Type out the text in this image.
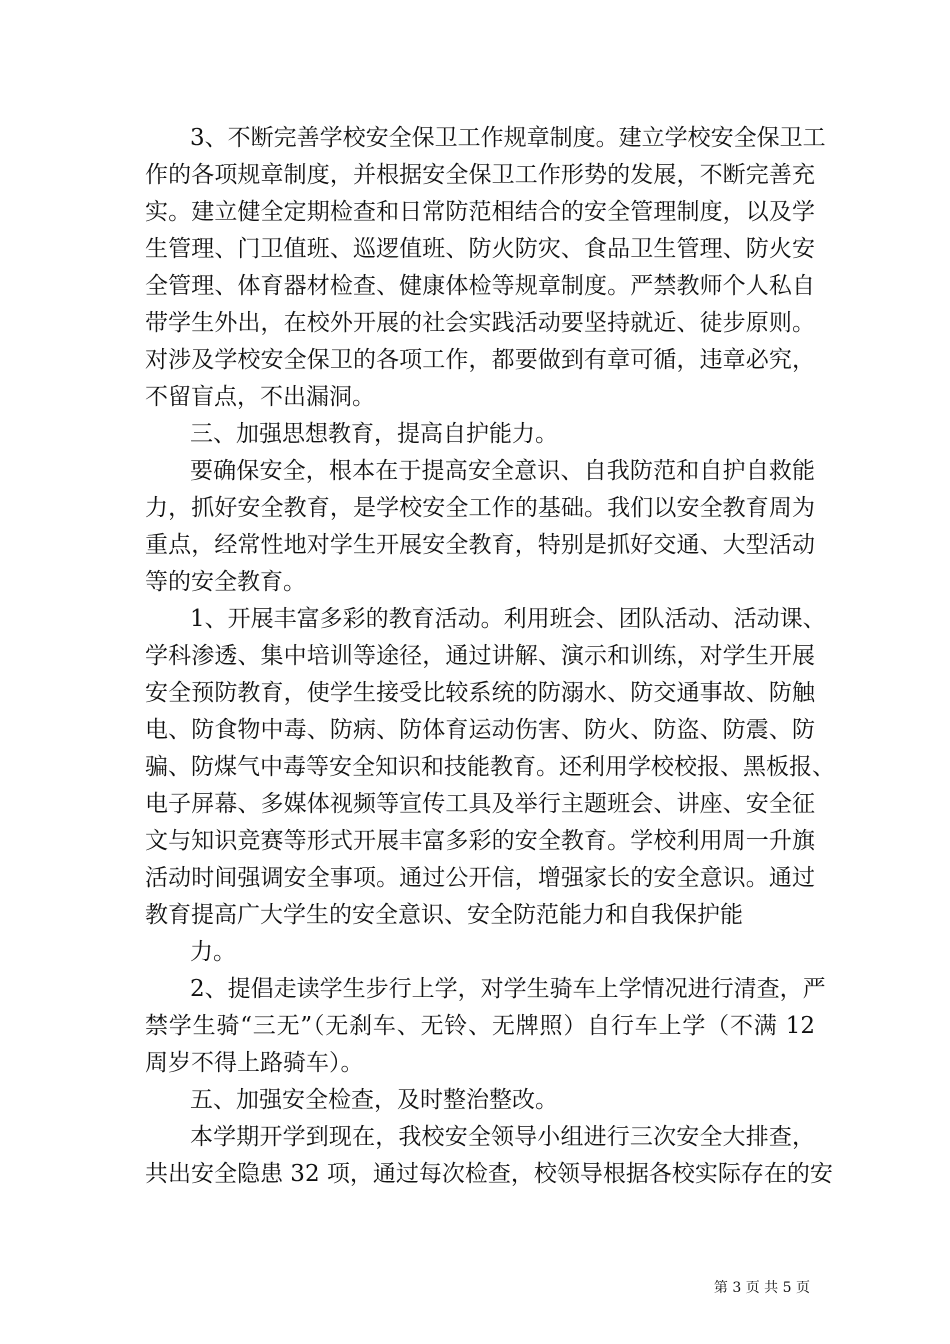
3、不断完善学校安全保卫工作规章制度。建立学校安全保卫工
作的各项规章制度，并根据安全保卫工作形势的发展，不断完善充
实。建立健全定期检查和日常防范相结合的安全管理制度，以及学
生管理、门卫值班、巡逻值班、防火防灾、食品卫生管理、防火安
全管理、体育器材检查、健康体检等规章制度。严禁教师个人私自
带学生外出，在校外开展的社会实践活动要坚持就近、徒步原则。
对涉及学校安全保卫的各项工作，都要做到有章可循，违章必究，
不留盲点，不出漏洞。
三、加强思想教育，提高自护能力。
要确保安全，根本在于提高安全意识、自我防范和自护自救能
力，抓好安全教育，是学校安全工作的基础。我们以安全教育周为
重点，经常性地对学生开展安全教育，特别是抓好交通、大型活动
等的安全教育。
1、开展丰富多彩的教育活动。利用班会、团队活动、活动课、
学科渗透、集中培训等途径，通过讲解、演示和训练，对学生开展
安全预防教育，使学生接受比较系统的防溺水、防交通事故、防触
电、防食物中毒、防病、防体育运动伤害、防火、防盗、防震、防
骗、防煤气中毒等安全知识和技能教育。还利用学校校报、黑板报、
电子屏幕、多媒体视频等宣传工具及举行主题班会、讲座、安全征
文与知识竞赛等形式开展丰富多彩的安全教育。学校利用周一升旗
活动时间强调安全事项。通过公开信，增强家长的安全意识。通过
教育提高广大学生的安全意识、安全防范能力和自我保护能
力。
2、提倡走读学生步行上学，对学生骑车上学情况进行清查，严
禁学生骑“三无”（无刹车、无铃、无牌照）自行车上学（不满 12
周岁不得上路骑车）。
五、加强安全检查，及时整治整改。
本学期开学到现在，我校安全领导小组进行三次安全大排查，
共出安全隐患 32 项，通过每次检查，校领导根据各校实际存在的安
第 3 页 共 5 页
